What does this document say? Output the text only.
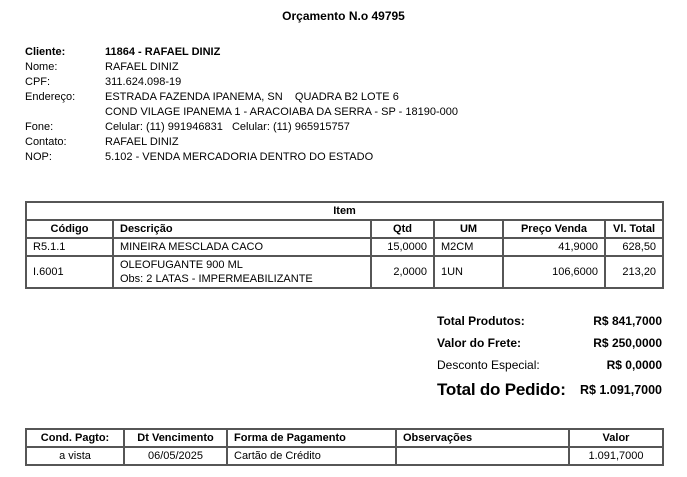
Orçamento N.o 49795
Cliente:	11864 - RAFAEL DINIZ
Nome:	RAFAEL DINIZ
CPF:	311.624.098-19
Endereço:	ESTRADA FAZENDA IPANEMA, SN    QUADRA B2 LOTE 6
COND VILAGE IPANEMA 1 - ARACOIABA DA SERRA - SP - 18190-000
Fone:	Celular: (11) 991946831   Celular: (11) 965915757
Contato:	RAFAEL DINIZ
NOP:	5.102 - VENDA MERCADORIA DENTRO DO ESTADO
Item					
Código	Descrição	Qtd	UM	Preço Venda	Vl. Total
R5.1.1	MINEIRA MESCLADA CACO	15,0000	M2CM	41,9000	628,50
I.6001	OLEOFUGANTE 900 ML
Obs: 2 LATAS - IMPERMEABILIZANTE	2,0000	1UN	106,6000	213,20
Total Produtos:	R$ 841,7000
Valor do Frete:	R$ 250,0000
Desconto Especial:	R$ 0,0000
Total do Pedido: R$ 1.091,7000
Cond. Pagto:	Dt Vencimento	Forma de Pagamento	Observações	Valor
a vista	06/05/2025	Cartão de Crédito		1.091,7000
